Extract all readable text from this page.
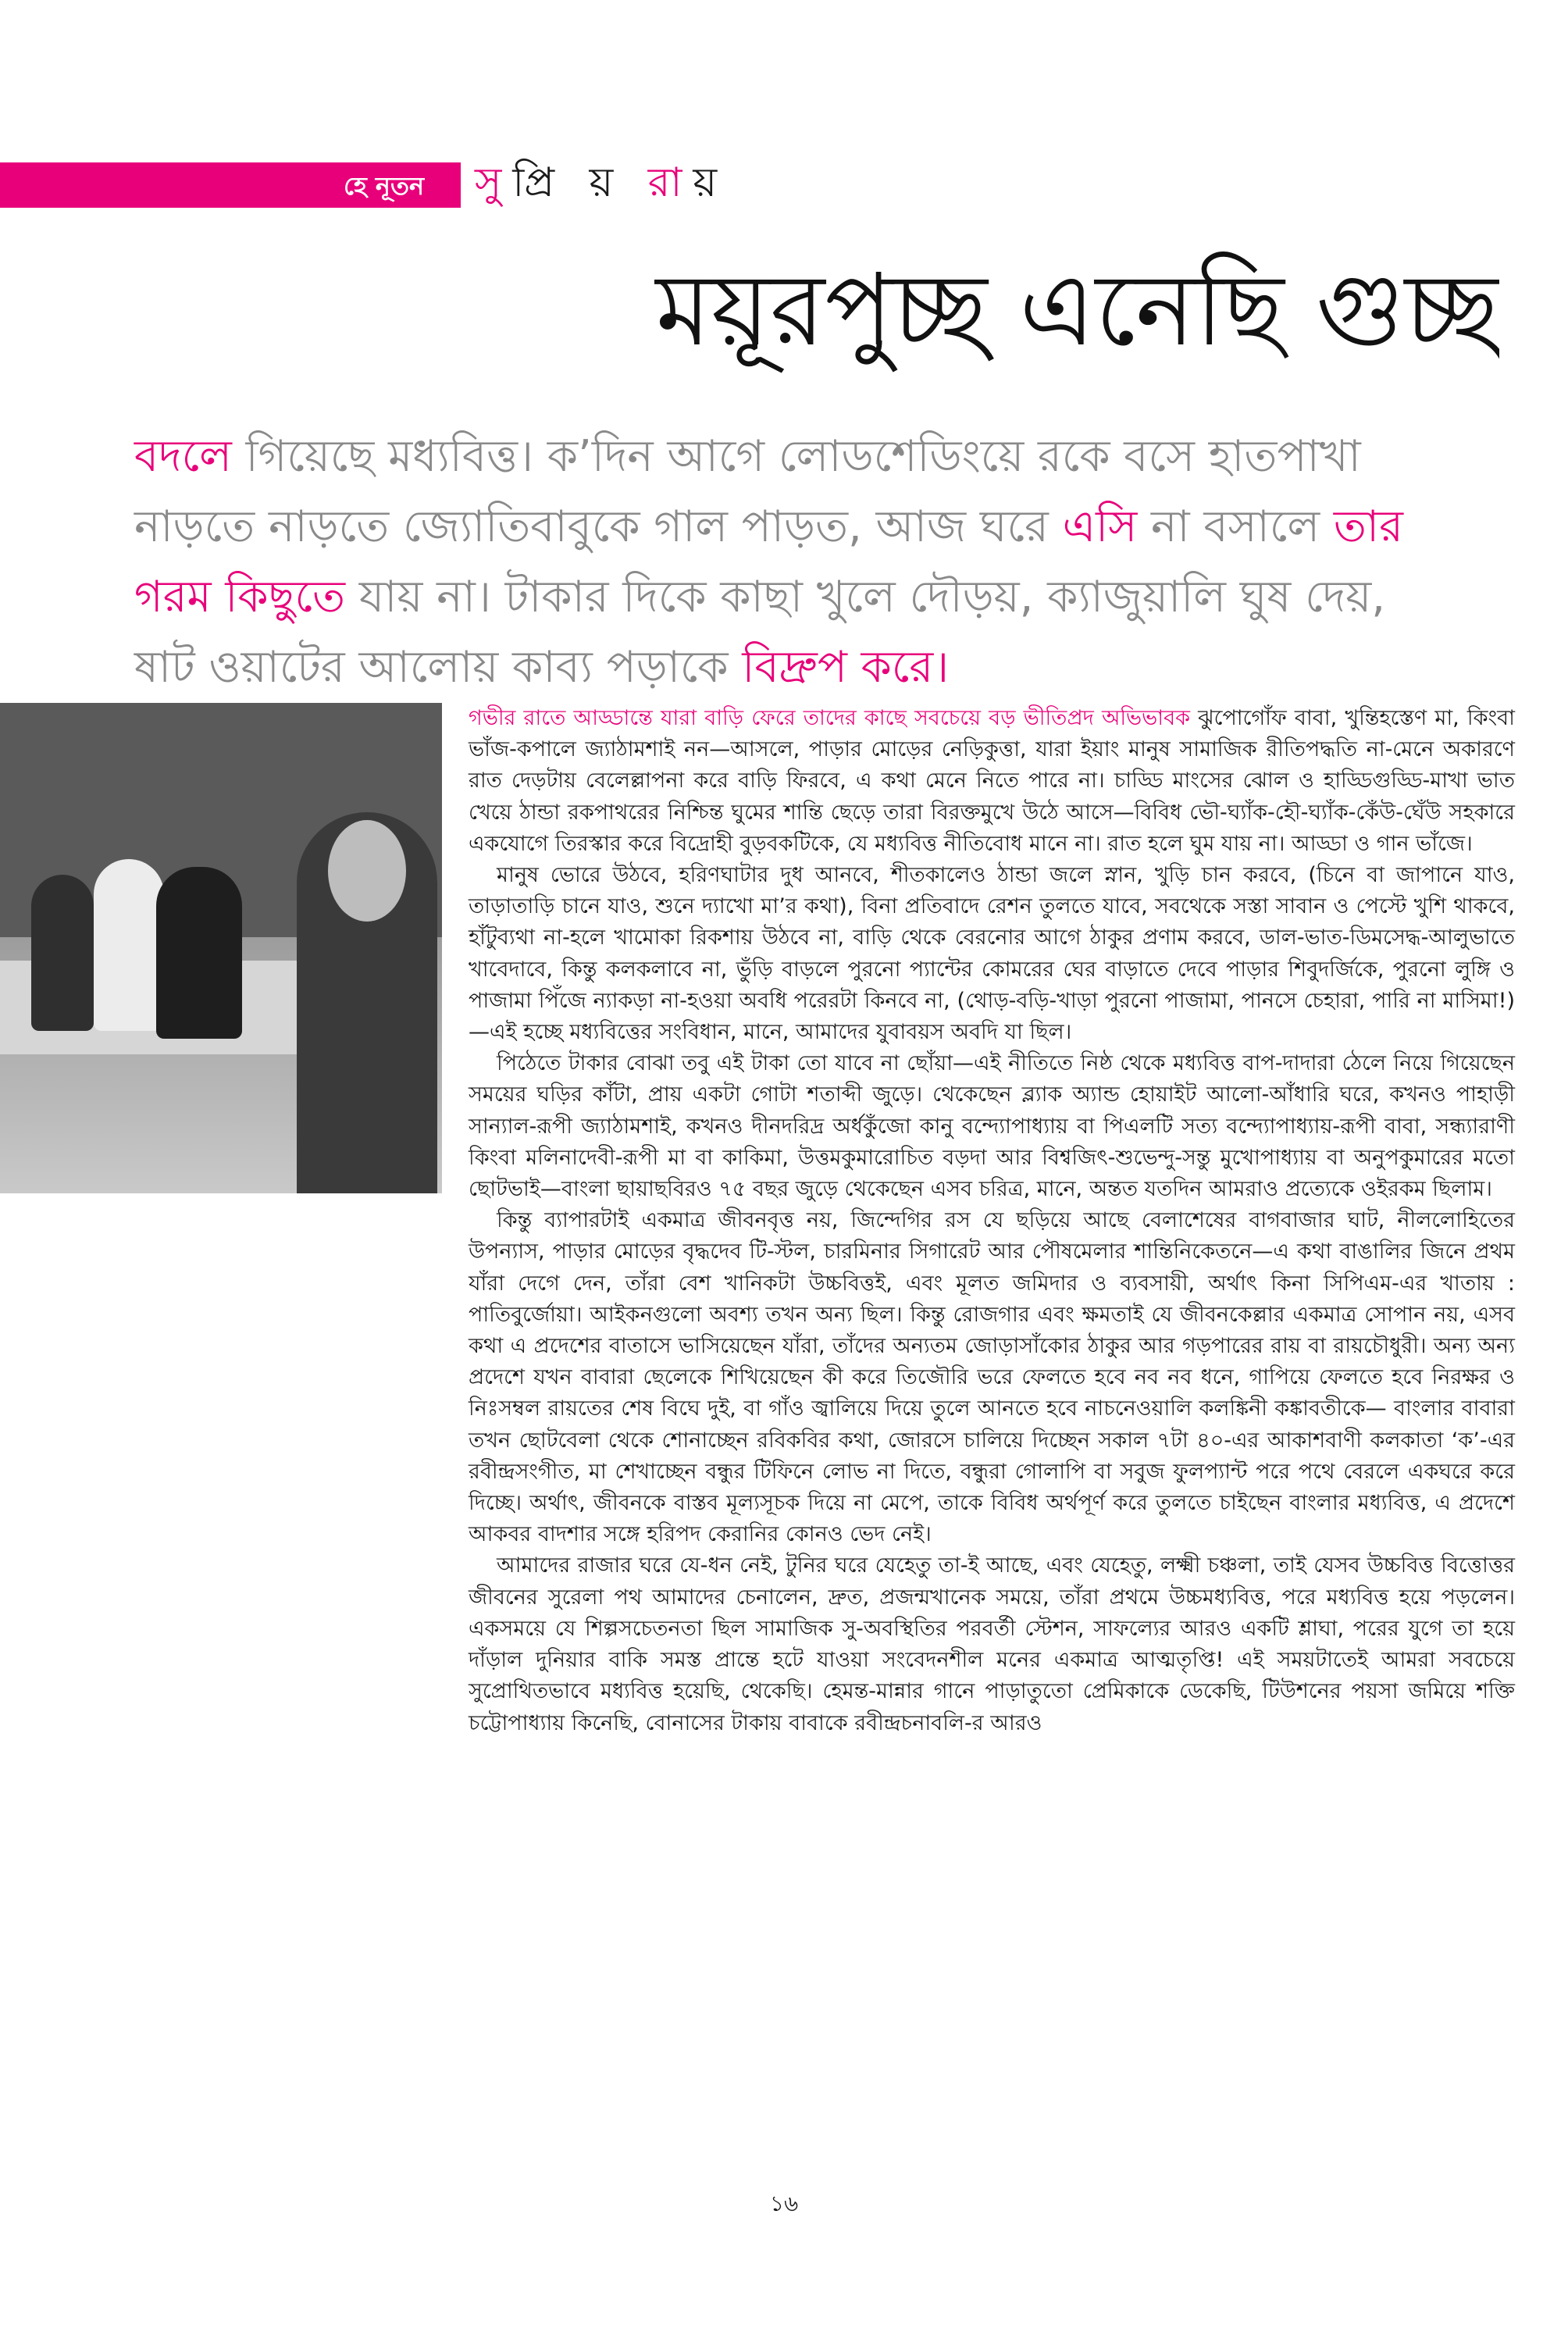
হে নূতন সুপ্রি য় রায়
ময়ূরপুচ্ছ এনেছি গুচ্ছ

বদলে গিয়েছে মধ্যবিত্ত। ক’দিন আগে লোডশেডিংয়ে রকে বসে হাতপাখা নাড়তে নাড়তে জ্যোতিবাবুকে গাল পাড়ত, আজ ঘরে এসি না বসালে তার গরম কিছুতে যায় না। টাকার দিকে কাছা খুলে দৌড়য়, ক্যাজুয়ালি ঘুষ দেয়, ষাট ওয়াটের আলোয় কাব্য পড়াকে বিদ্রুপ করে।

গভীর রাতে আড্ডান্তে যারা বাড়ি ফেরে তাদের কাছে সবচেয়ে বড় ভীতিপ্রদ অভিভাবক ঝুপোগোঁফ বাবা, খুন্তিহস্তেণ মা, কিংবা ভাঁজ-কপালে জ্যাঠামশাই নন—আসলে, পাড়ার মোড়ের নেড়িকুত্তা, যারা ইয়াং মানুষ সামাজিক রীতিপদ্ধতি না-মেনে অকারণে রাত দেড়টায় বেলেল্লাপনা করে বাড়ি ফিরবে, এ কথা মেনে নিতে পারে না। চাড্ডি মাংসের ঝোল ও হাড্ডিগুড্ডি-মাখা ভাত খেয়ে ঠান্ডা রকপাথরের নিশ্চিন্ত ঘুমের শান্তি ছেড়ে তারা বিরক্তমুখে উঠে আসে—বিবিধ ভৌ-ঘ্যাঁক-হৌ-ঘ্যাঁক-কেঁউ-ঘেঁউ সহকারে একযোগে তিরস্কার করে বিদ্রোহী বুড়বকটিকে, যে মধ্যবিত্ত নীতিবোধ মানে না। রাত হলে ঘুম যায় না। আড্ডা ও গান ভাঁজে।

মানুষ ভোরে উঠবে, হরিণঘাটার দুধ আনবে, শীতকালেও ঠান্ডা জলে স্নান, খুড়ি চান করবে, (চিনে বা জাপানে যাও, তাড়াতাড়ি চানে যাও, শুনে দ্যাখো মা’র কথা), বিনা প্রতিবাদে রেশন তুলতে যাবে, সবথেকে সস্তা সাবান ও পেস্টে খুশি থাকবে, হাঁটুব্যথা না-হলে খামোকা রিকশায় উঠবে না, বাড়ি থেকে বেরনোর আগে ঠাকুর প্রণাম করবে, ডাল-ভাত-ডিমসেদ্ধ-আলুভাতে খাবেদাবে, কিন্তু কলকলাবে না, ভুঁড়ি বাড়লে পুরনো প্যান্টের কোমরের ঘের বাড়াতে দেবে পাড়ার শিবুদর্জিকে, পুরনো লুঙ্গি ও পাজামা পিঁজে ন্যাকড়া না-হওয়া অবধি পরেরটা কিনবে না, (থোড়-বড়ি-খাড়া পুরনো পাজামা, পানসে চেহারা, পারি না মাসিমা!)—এই হচ্ছে মধ্যবিত্তের সংবিধান, মানে, আমাদের যুবাবয়স অবদি যা ছিল।

পিঠেতে টাকার বোঝা তবু এই টাকা তো যাবে না ছোঁয়া—এই নীতিতে নিষ্ঠ থেকে মধ্যবিত্ত বাপ-দাদারা ঠেলে নিয়ে গিয়েছেন সময়ের ঘড়ির কাঁটা, প্রায় একটা গোটা শতাব্দী জুড়ে। থেকেছেন ব্ল্যাক অ্যান্ড হোয়াইট আলো-আঁধারি ঘরে, কখনও পাহাড়ী সান্যাল-রূপী জ্যাঠামশাই, কখনও দীনদরিদ্র অর্ধকুঁজো কানু বন্দ্যোপাধ্যায় বা পিএলটি সত্য বন্দ্যোপাধ্যায়-রূপী বাবা, সন্ধ্যারাণী কিংবা মলিনাদেবী-রূপী মা বা কাকিমা, উত্তমকুমারোচিত বড়দা আর বিশ্বজিৎ-শুভেন্দু-সন্তু মুখোপাধ্যায় বা অনুপকুমারের মতো ছোটভাই—বাংলা ছায়াছবিরও ৭৫ বছর জুড়ে থেকেছেন এসব চরিত্র, মানে, অন্তত যতদিন আমরাও প্রত্যেকে ওইরকম ছিলাম।

কিন্তু ব্যাপারটাই একমাত্র জীবনবৃত্ত নয়, জিন্দেগির রস যে ছড়িয়ে আছে বেলাশেষের বাগবাজার ঘাট, নীললোহিতের উপন্যাস, পাড়ার মোড়ের বৃদ্ধদেব টি-স্টল, চারমিনার সিগারেট আর পৌষমেলার শান্তিনিকেতনে—এ কথা বাঙালির জিনে প্রথম যাঁরা দেগে দেন, তাঁরা বেশ খানিকটা উচ্চবিত্তই, এবং মূলত জমিদার ও ব্যবসায়ী, অর্থাৎ কিনা সিপিএম-এর খাতায় : পাতিবুর্জোয়া। আইকনগুলো অবশ্য তখন অন্য ছিল। কিন্তু রোজগার এবং ক্ষমতাই যে জীবনকেল্লার একমাত্র সোপান নয়, এসব কথা এ প্রদেশের বাতাসে ভাসিয়েছেন যাঁরা, তাঁদের অন্যতম জোড়াসাঁকোর ঠাকুর আর গড়পারের রায় বা রায়চৌধুরী। অন্য অন্য প্রদেশে যখন বাবারা ছেলেকে শিখিয়েছেন কী করে তিজৌরি ভরে ফেলতে হবে নব নব ধনে, গাপিয়ে ফেলতে হবে নিরক্ষর ও নিঃসম্বল রায়তের শেষ বিঘে দুই, বা গাঁও জ্বালিয়ে দিয়ে তুলে আনতে হবে নাচনেওয়ালি কলঙ্কিনী কঙ্কাবতীকে— বাংলার বাবারা তখন ছোটবেলা থেকে শোনাচ্ছেন রবিকবির কথা, জোরসে চালিয়ে দিচ্ছেন সকাল ৭টা ৪০-এর আকাশবাণী কলকাতা ‘ক’-এর রবীন্দ্রসংগীত, মা শেখাচ্ছেন বন্ধুর টিফিনে লোভ না দিতে, বন্ধুরা গোলাপি বা সবুজ ফুলপ্যান্ট পরে পথে বেরলে একঘরে করে দিচ্ছে। অর্থাৎ, জীবনকে বাস্তব মূল্যসূচক দিয়ে না মেপে, তাকে বিবিধ অর্থপূর্ণ করে তুলতে চাইছেন বাংলার মধ্যবিত্ত, এ প্রদেশে আকবর বাদশার সঙ্গে হরিপদ কেরানির কোনও ভেদ নেই।

আমাদের রাজার ঘরে যে-ধন নেই, টুনির ঘরে যেহেতু তা-ই আছে, এবং যেহেতু, লক্ষ্মী চঞ্চলা, তাই যেসব উচ্চবিত্ত বিত্তোত্তর জীবনের সুরেলা পথ আমাদের চেনালেন, দ্রুত, প্রজন্মখানেক সময়ে, তাঁরা প্রথমে উচ্চমধ্যবিত্ত, পরে মধ্যবিত্ত হয়ে পড়লেন। একসময়ে যে শিল্পসচেতনতা ছিল সামাজিক সু-অবস্থিতির পরবর্তী স্টেশন, সাফল্যের আরও একটি শ্লাঘা, পরের যুগে তা হয়ে দাঁড়াল দুনিয়ার বাকি সমস্ত প্রান্তে হটে যাওয়া সংবেদনশীল মনের একমাত্র আত্মতৃপ্তি! এই সময়টাতেই আমরা সবচেয়ে সুপ্রোথিতভাবে মধ্যবিত্ত হয়েছি, থেকেছি। হেমন্ত-মান্নার গানে পাড়াতুতো প্রেমিকাকে ডেকেছি, টিউশনের পয়সা জমিয়ে শক্তি চট্টোপাধ্যায় কিনেছি, বোনাসের টাকায় বাবাকে রবীন্দ্রচনাবলি-র আরও

১৬
